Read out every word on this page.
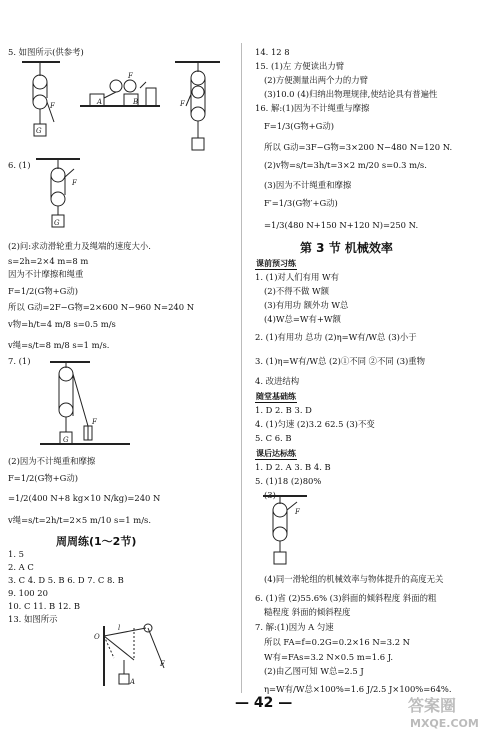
5. 如图所示(供参考)
F
G
A	B
F
F
6. (1)
F
G
(2)问:求动滑轮重力及绳端的速度大小.
s=2h=2×4 m=8 m
因为不计摩擦和绳重
F=1/2(G物+G动)
所以 G动=2F−G物=2×600 N−960 N=240 N
v物=h/t=4 m/8 s=0.5 m/s
v绳=s/t=8 m/8 s=1 m/s.
7. (1)
G
F
(2)因为不计绳重和摩擦
F=1/2(G物+G动)
=1/2(400 N+8 kg×10 N/kg)=240 N
v绳=s/t=2h/t=2×5 m/10 s=1 m/s.
周周练(1～2节)
1. 5
2. A C
3. C 4. D 5. B 6. D 7. C 8. B
9. 100 20
10. C 11. B 12. B
13. 如图所示
O
l
F
A
14. 12 8
15. (1)左 方便读出力臂
(2)方便测量出两个力的力臂
(3)10.0 (4)归纳出物理规律,使结论具有普遍性
16. 解:(1)因为不计绳重与摩擦
F=1/3(G物+G动)
所以 G动=3F−G物=3×200 N−480 N=120 N.
(2)v物=s/t=3h/t=3×2 m/20 s=0.3 m/s.
(3)因为不计绳重和摩擦
F′=1/3(G物′+G动)
=1/3(480 N+150 N+120 N)=250 N.
第 3 节 机械效率
课前预习练
1. (1)对人们有用 W有
(2)不得不做 W额
(3)有用功 额外功 W总
(4)W总=W有+W额
2. (1)有用功 总功 (2)η=W有/W总 (3)小于
3. (1)η=W有/W总 (2)①不同 ②不同 (3)重物
4. 改进结构
随堂基础练
1. D 2. B 3. D
4. (1)匀速 (2)3.2 62.5 (3)不变
5. C 6. B
课后达标练
1. D 2. A 3. B 4. B
5. (1)18 (2)80%
(3)
F
(4)同一滑轮组的机械效率与物体提升的高度无关
6. (1)省 (2)55.6% (3)斜面的倾斜程度 斜面的粗
糙程度 斜面的倾斜程度
7. 解:(1)因为 A 匀速
所以 FA=f=0.2G=0.2×16 N=3.2 N
W有=FAs=3.2 N×0.5 m=1.6 J.
(2)由乙图可知 W总=2.5 J
η=W有/W总×100%=1.6 J/2.5 J×100%=64%.
— 42 —	答案圈
MXQE.COM
